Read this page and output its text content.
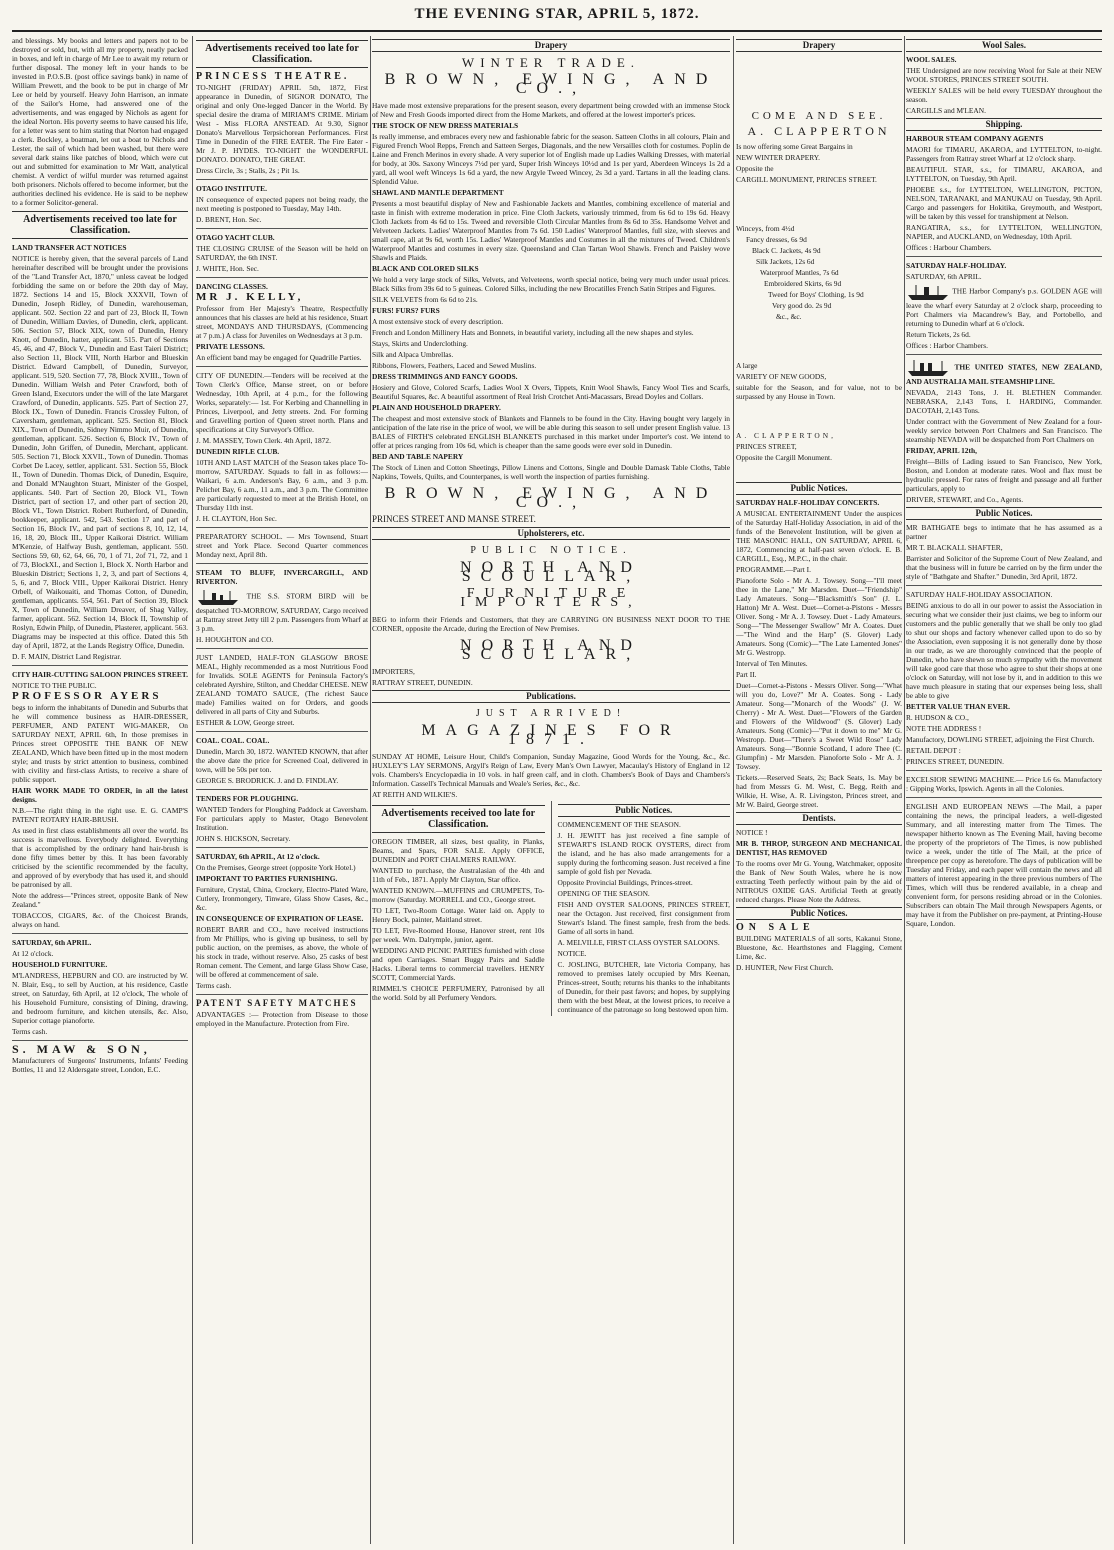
THE EVENING STAR, APRIL 5, 1872.

and blessings. My books and letters and papers not to be destroyed or sold, but, with all my property, neatly packed in boxes, and left in charge of Mr Lee to await my return or further disposal. The money left in your hands to be invested in P.O.S.B. (post office savings bank) in name of William Prewett, and the book to be put in charge of Mr Lee or held by yourself. Heavy John Harrison, an inmate of the Sailor's Home, had answered one of the advertisements, and was engaged by Nichols as agent for the ideal Norton. His poverty seems to have caused his life, for a letter was sent to him stating that Norton had engaged a clerk. Bockley, a boatman, let out a boat to Nichols and Lester, the sail of which had been washed, but there were several dark stains like patches of blood, which were cut out and submitted for examination to Mr Watt, analytical chemist. A verdict of wilful murder was returned against both prisoners. Nichols offered to become informer, but the authorities declined his evidence. He is said to be nephew to a former Solicitor-general.

Advertisements received too late for Classification.

LAND TRANSFER ACT NOTICES

NOTICE is hereby given, that the several parcels of Land hereinafter described will be brought under the provisions of the "Land Transfer Act, 1870," unless caveat be lodged forbidding the same on or before the 20th day of May, 1872. Sections 14 and 15, Block XXXVII, Town of Dunedin, Joseph Ridley, of Dunedin, warehouseman, applicant. 502. Section 22 and part of 23, Block II, Town of Dunedin, William Davies, of Dunedin, clerk, applicant. 506. Section 57, Block XIX, town of Dunedin, Henry Knott, of Dunedin, hatter, applicant. 515. Part of Sections 45, 46, and 47, Block V., Dunedin and East Taieri District; also Section 11, Block VIII, North Harbor and Blueskin District. Edward Campbell, of Dunedin, Surveyor, applicant. 519, 520. Section 77, 78, Block XVIII., Town of Dunedin. William Welsh and Peter Crawford, both of Green Island, Executors under the will of the late Margaret Crawford, of Dunedin, applicants. 525. Part of Section 27, Block IX., Town of Dunedin. Francis Crossley Fulton, of Caversham, gentleman, applicant. 525. Section 81, Block XIX., Town of Dunedin, Sidney Nimmo Muir, of Dunedin, gentleman, applicant. 526. Section 6, Block IV., Town of Dunedin, John Griffen, of Dunedin, Merchant, applicant. 505. Section 71, Block XXVII., Town of Dunedin. Thomas Corbet De Lacey, settler, applicant. 531. Section 55, Block II., Town of Dunedin. Thomas Dick, of Dunedin, Esquire, and Donald M'Naughton Stuart, Minister of the Gospel, applicants. 540. Part of Section 20, Block VI., Town District, part of section 17, and other part of section 20, Block VI., Town District. Robert Rutherford, of Dunedin, bookkeeper, applicant. 542, 543. Section 17 and part of Section 16, Block IV., and part of sections 8, 10, 12, 14, 16, 18, 20, Block III., Upper Kaikorai District. William M'Kenzie, of Halfway Bush, gentleman, applicant. 550. Sections 59, 60, 62, 64, 66, 70, 1 of 71, 2of 71, 72, and 1 of 73, BlockXI., and Section 1, Block X. North Harbor and Blueskin District; Sections 1, 2, 3, and part of Sections 4, 5, 6, and 7, Block VIII., Upper Kaikorai District. Henry Orbell, of Waikouaiti, and Thomas Cotton, of Dunedin, gentleman, applicants. 554, 561. Part of Section 39, Block X, Town of Dunedin, William Dreaver, of Shag Valley, farmer, applicant. 562. Section 14, Block II, Township of Roslyn, Edwin Philp, of Dunedin, Plasterer, applicant. 563. Diagrams may be inspected at this office. Dated this 5th day of April, 1872, at the Lands Registry Office, Dunedin.

D. F. MAIN, District Land Registrar.

CITY HAIR-CUTTING SALOON PRINCES STREET.

NOTICE TO THE PUBLIC.

PROFESSOR AYERS

begs to inform the inhabitants of Dunedin and Suburbs that he will commence business as HAIR-DRESSER, PERFUMER, AND PATENT WIG-MAKER, On SATURDAY NEXT, APRIL 6th, In those premises in Princes street OPPOSITE THE BANK OF NEW ZEALAND, Which have been fitted up in the most modern style; and trusts by strict attention to business, combined with civility and first-class Artists, to receive a share of public support.

HAIR WORK MADE TO ORDER, in all the latest designs.

N.B.—The right thing in the right use. E. G. CAMP'S PATENT ROTARY HAIR-BRUSH.

As used in first class establishments all over the world. Its success is marvellous. Everybody delighted. Everything that is accomplished by the ordinary hand hair-brush is done fifty times better by this. It has been favorably criticised by the scientific recommended by the faculty, and approved of by everybody that has used it, and should be patronised by all.

Note the address—"Princes street, opposite Bank of New Zealand."

TOBACCOS, CIGARS, &c. of the Choicest Brands, always on hand.

SATURDAY, 6th APRIL.

At 12 o'clock.

HOUSEHOLD FURNITURE.

M'LANDRESS, HEPBURN and CO. are instructed by W. N. Blair, Esq., to sell by Auction, at his residence, Castle street, on Saturday, 6th April, at 12 o'clock, The whole of his Household Furniture, consisting of Dining, drawing, and bedroom furniture, and kitchen utensils, &c. Also, Superior cottage pianoforte.

Terms cash.

S. MAW & SON,

Manufacturers of Surgeons' Instruments, Infants' Feeding Bottles, 11 and 12 Aldersgate street, London, E.C.

Advertisements received too late for Classification.

PRINCESS THEATRE.

TO-NIGHT (FRIDAY) APRIL 5th, 1872, First appearance in Dunedin, of SIGNOR DONATO, The original and only One-legged Dancer in the World. By special desire the drama of MIRIAM'S CRIME. Miriam West - Miss FLORA ANSTEAD. At 9.30, Signor Donato's Marvellous Terpsichorean Performances. First Time in Dunedin of the FIRE EATER. The Fire Eater - Mr J. P. HYDES. TO-NIGHT the WONDERFUL DONATO. DONATO, THE GREAT.

Dress Circle, 3s ; Stalls, 2s ; Pit 1s.

OTAGO INSTITUTE.

IN consequence of expected papers not being ready, the next meeting is postponed to Tuesday, May 14th.

D. BRENT, Hon. Sec.

OTAGO YACHT CLUB.

THE CLOSING CRUISE of the Season will be held on SATURDAY, the 6th INST.

J. WHITE, Hon. Sec.

DANCING CLASSES.

MR J. KELLY,

Professor from Her Majesty's Theatre, Respectfully announces that his classes are held at his residence, Stuart street, MONDAYS AND THURSDAYS, (Commencing at 7 p.m.) A class for Juveniles on Wednesdays at 3 p.m.

PRIVATE LESSONS.

An efficient band may be engaged for Quadrille Parties.

CITY OF DUNEDIN.—Tenders will be received at the Town Clerk's Office, Manse street, on or before Wednesday, 10th April, at 4 p.m., for the following Works, separately:— 1st. For Kerbing and Channelling in Princes, Liverpool, and Jetty streets. 2nd. For forming and Gravelling portion of Queen street north. Plans and specifications at City Surveyor's Office.

J. M. MASSEY, Town Clerk. 4th April, 1872.

DUNEDIN RIFLE CLUB.

10TH AND LAST MATCH of the Season takes place To-morrow, SATURDAY. Squads to fall in as follows:—Waikari, 6 a.m. Anderson's Bay, 6 a.m., and 3 p.m. Pelichet Bay, 6 a.m., 11 a.m., and 3 p.m. The Committee are particularly requested to meet at the British Hotel, on Thursday 11th inst.

J. H. CLAYTON, Hon Sec.

PREPARATORY SCHOOL. — Mrs Townsend, Stuart street and York Place. Second Quarter commences Monday next, April 8th.

STEAM TO BLUFF, INVERCARGILL, AND RIVERTON.

THE S.S. STORM BIRD will be despatched TO-MORROW, SATURDAY, Cargo received at Rattray street Jetty till 2 p.m. Passengers from Wharf at 3 p.m.

H. HOUGHTON and CO.

JUST LANDED, HALF-TON GLASGOW BROSE MEAL, Highly recommended as a most Nutritious Food for Invalids. SOLE AGENTS for Peninsula Factory's celebrated Ayrshire, Stilton, and Cheddar CHEESE. NEW ZEALAND TOMATO SAUCE, (The richest Sauce made) Families waited on for Orders, and goods delivered in all parts of City and Suburbs.

ESTHER & LOW, George street.

COAL. COAL. COAL.

Dunedin, March 30, 1872. WANTED KNOWN, that after the above date the price for Screened Coal, delivered in town, will be 50s per ton.

GEORGE S. BRODRICK. J. and D. FINDLAY.

TENDERS FOR PLOUGHING.

WANTED Tenders for Ploughing Paddock at Caversham. For particulars apply to Master, Otago Benevolent Institution.

JOHN S. HICKSON, Secretary.

SATURDAY, 6th APRIL, At 12 o'clock.

On the Premises, George street (opposite York Hotel.)

IMPORTANT TO PARTIES FURNISHING.

Furniture, Crystal, China, Crockery, Electro-Plated Ware, Cutlery, Ironmongery, Tinware, Glass Show Cases, &c., &c.

IN CONSEQUENCE OF EXPIRATION OF LEASE.

ROBERT BARR and CO., have received instructions from Mr Phillips, who is giving up business, to sell by public auction, on the premises, as above, the whole of his stock in trade, without reserve. Also, 25 casks of best Roman cement. The Cement, and large Glass Show Case, will be offered at commencement of sale.

Terms cash.

PATENT SAFETY MATCHES

ADVANTAGES :— Protection from Disease to those employed in the Manufacture. Protection from Fire.

Drapery
WINTER TRADE.
BROWN, EWING, AND CO.,

Have made most extensive preparations for the present season, every department being crowded with an immense Stock of New and Fresh Goods imported direct from the Home Markets, and offered at the lowest importer's prices.

THE STOCK OF NEW DRESS MATERIALS

Is really immense, and embraces every new and fashionable fabric for the season. Satteen Cloths in all colours, Plain and Figured French Wool Repps, French and Satteen Serges, Diagonals, and the new Versailles cloth for costumes. Poplin de Laine and French Merinos in every shade. A very superior lot of English made up Ladies Walking Dresses, with material for body, at 30s. Saxony Winceys 7½d per yard, Super Irish Winceys 10½d and 1s per yard, Aberdeen Winceys 1s 2d a yard, all wool weft Winceys 1s 6d a yard, the new Argyle Tweed Wincey, 2s 3d a yard. Tartans in all the leading clans. Splendid Value.

SHAWL AND MANTLE DEPARTMENT

Presents a most beautiful display of New and Fashionable Jackets and Mantles, combining excellence of material and taste in finish with extreme moderation in price. Fine Cloth Jackets, variously trimmed, from 6s 6d to 19s 6d. Heavy Cloth Jackets from 4s 6d to 15s. Tweed and reversible Cloth Circular Mantles from 8s 6d to 35s. Handsome Velvet and Velveteen Jackets. Ladies' Waterproof Mantles from 7s 6d. 150 Ladies' Waterproof Mantles, full size, with sleeves and small cape, all at 9s 6d, worth 15s. Ladies' Waterproof Mantles and Costumes in all the mixtures of Tweed. Children's Waterproof Mantles and costumes in every size. Queensland and Clan Tartan Wool Shawls. French and Paisley wove Shawls and Plaids.

BLACK AND COLORED SILKS

We hold a very large stock of Silks, Velvets, and Velveteens, worth special notice, being very much under usual prices. Black Silks from 39s 6d to 5 guineas. Colored Silks, including the new Brocatilles French Satin Stripes and Figures.

SILK VELVETS from 6s 6d to 21s.

FURS! FURS? FURS

A most extensive stock of every description.

French and London Millinery Hats and Bonnets, in beautiful variety, including all the new shapes and styles.

Stays, Skirts and Underclothing.

Silk and Alpaca Umbrellas.

Ribbons, Flowers, Feathers, Laced and Sewed Muslins.

DRESS TRIMMINGS AND FANCY GOODS.

Hosiery and Glove, Colored Scarfs, Ladies Wool X Overs, Tippets, Knitt Wool Shawls, Fancy Wool Ties and Scarfs, Beautiful Squares, &c. A beautiful assortment of Real Irish Crotchet Anti-Macassars, Bread Doyles and Collars.

PLAIN AND HOUSEHOLD DRAPERY.

The cheapest and most extensive stock of Blankets and Flannels to be found in the City. Having bought very largely in anticipation of the late rise in the price of wool, we will be able during this season to sell under present English value. 13 BALES of FIRTH'S celebrated ENGLISH BLANKETS purchased in this market under Importer's cost. We intend to offer at prices ranging from 10s 6d, which is cheaper than the same goods were ever sold in Dunedin.

BED AND TABLE NAPERY

The Stock of Linen and Cotton Sheetings, Pillow Linens and Cottons, Single and Double Damask Table Cloths, Table Napkins, Towels, Quilts, and Counterpanes, is well worth the inspection of parties furnishing.

BROWN, EWING, AND CO.,

PRINCES STREET AND MANSE STREET.

Upholsterers, etc.
PUBLIC NOTICE.
NORTH AND SCOULLAR,
FURNITURE IMPORTERS,

BEG to inform their Friends and Customers, that they are CARRYING ON BUSINESS NEXT DOOR TO THE CORNER, opposite the Arcade, during the Erection of New Premises.

NORTH AND SCOULLAR,

IMPORTERS,

RATTRAY STREET, DUNEDIN.

Publications.
JUST ARRIVED!
MAGAZINES FOR 1871.

SUNDAY AT HOME, Leisure Hour, Child's Companion, Sunday Magazine, Good Words for the Young, &c., &c. HUXLEY'S LAY SERMONS, Argyll's Reign of Law, Every Man's Own Lawyer, Macaulay's History of England in 12 vols. Chambers's Encyclopædia in 10 vols. in half green calf, and in cloth. Chambers's Book of Days and Chambers's Information. Cassell's Technical Manuals and Weale's Series, &c., &c.

AT REITH AND WILKIE'S.

Advertisements received too late for Classification.

OREGON TIMBER, all sizes, best quality, in Planks, Beams, and Spars, FOR SALE. Apply OFFICE, DUNEDIN and PORT CHALMERS RAILWAY.

WANTED to purchase, the Australasian of the 4th and 11th of Feb., 1871. Apply Mr Clayton, Star office.

WANTED KNOWN.—MUFFINS and CRUMPETS, To-morrow (Saturday. MORRELL and CO., George street.

TO LET, Two-Room Cottage. Water laid on. Apply to Henry Bock, painter, Maitland street.

TO LET, Five-Roomed House, Hanover street, rent 10s per week. Wm. Dalrymple, junior, agent.

WEDDING AND PICNIC PARTIES furnished with close and open Carriages. Smart Buggy Pairs and Saddle Hacks. Liberal terms to commercial travellers. HENRY SCOTT, Commercial Yards.

RIMMEL'S CHOICE PERFUMERY, Patronised by all the world. Sold by all Perfumery Vendors.

Public Notices.

COMMENCEMENT OF THE SEASON.

J. H. JEWITT has just received a fine sample of STEWART'S ISLAND ROCK OYSTERS, direct from the island, and he has also made arrangements for a supply during the forthcoming season. Just received a fine sample of gold fish per Nevada.

Opposite Provincial Buildings, Princes-street.

OPENING OF THE SEASON.

FISH AND OYSTER SALOONS, PRINCES STREET, near the Octagon. Just received, first consignment from Stewart's Island. The finest sample, fresh from the beds. Game of all sorts in hand.

A. MELVILLE, FIRST CLASS OYSTER SALOONS.

NOTICE.

C. JOSLING, BUTCHER, late Victoria Company, has removed to premises lately occupied by Mrs Keenan, Princes-street, South; returns his thanks to the inhabitants of Dunedin, for their past favors; and hopes, by supplying them with the best Meat, at the lowest prices, to receive a continuance of the patronage so long bestowed upon him.

Drapery
COME AND SEE.
A. CLAPPERTON

Is now offering some Great Bargains in

NEW WINTER DRAPERY.

Opposite the

CARGILL MONUMENT, PRINCES STREET.

Winceys, from 4½d

Fancy dresses, 6s 9d

Black C. Jackets, 4s 9d

Silk Jackets, 12s 6d

Waterproof Mantles, 7s 6d

Embroidered Skirts, 6s 9d

Tweed for Boys' Clothing, 1s 9d

Very good do. 2s 9d

&c., &c.

A large

VARIETY OF NEW GOODS,

suitable for the Season, and for value, not to be surpassed by any House in Town.

A. CLAPPERTON,

PRINCES STREET,

Opposite the Cargill Monument.

Public Notices.

SATURDAY HALF-HOLIDAY CONCERTS.

A MUSICAL ENTERTAINMENT Under the auspices of the Saturday Half-Holiday Association, in aid of the funds of the Benevolent Institution, will be given at THE MASONIC HALL, ON SATURDAY, APRIL 6, 1872, Commencing at half-past seven o'clock. E. B. CARGILL, Esq., M.P.C., in the chair.

PROGRAMME.—Part I.

Pianoforte Solo - Mr A. J. Towsey. Song—"I'll meet thee in the Lane," Mr Marsden. Duet—"Friendship" Lady Amateurs. Song—"Blacksmith's Son" (J. L. Hatton) Mr A. West. Duet—Cornet-a-Pistons - Messrs Oliver. Song - Mr A. J. Towsey. Duet - Lady Amateurs. Song—"The Messenger Swallow" Mr A. Coates. Duet—"The Wind and the Harp" (S. Glover) Lady Amateurs. Song (Comic)—"The Late Lamented Jones" Mr G. Westropp.

Interval of Ten Minutes.

Part II.

Duet—Cornet-a-Pistons - Messrs Oliver. Song—"What will you do, Love?" Mr A. Coates. Song - Lady Amateur. Song—"Monarch of the Woods" (J. W. Cherry) - Mr A. West. Duet—"Flowers of the Garden and Flowers of the Wildwood" (S. Glover) Lady Amateurs. Song (Comic)—"Put it down to me" Mr G. Westropp. Duet—"There's a Sweet Wild Rose" Lady Amateurs. Song—"Bonnie Scotland, I adore Thee (C. Glumpfin) - Mr Marsden. Pianoforte Solo - Mr A. J. Towsey.

Tickets.—Reserved Seats, 2s; Back Seats, 1s. May be had from Messrs G. M. West, C. Begg, Reith and Wilkie, H. Wise, A. R. Livingston, Princes street, and Mr W. Baird, George street.

Dentists.

NOTICE !

MR B. THROP, SURGEON AND MECHANICAL DENTIST, HAS REMOVED

To the rooms over Mr G. Young, Watchmaker, opposite the Bank of New South Wales, where he is now extracting Teeth perfectly without pain by the aid of NITROUS OXIDE GAS. Artificial Teeth at greatly reduced charges. Please Note the Address.

Public Notices.

ON SALE

BUILDING MATERIALS of all sorts, Kakanui Stone, Bluestone, &c. Hearthstones and Flagging, Cement Lime, &c.

D. HUNTER, New First Church.

Wool Sales.

WOOL SALES.

THE Undersigned are now receiving Wool for Sale at their NEW WOOL STORES, PRINCES STREET SOUTH.

WEEKLY SALES will be held every TUESDAY throughout the season.

CARGILLS and M'LEAN.

Shipping.

HARBOUR STEAM COMPANY AGENTS

MAORI for TIMARU, AKAROA, and LYTTELTON, to-night. Passengers from Rattray street Wharf at 12 o'clock sharp.

BEAUTIFUL STAR, s.s., for TIMARU, AKAROA, and LYTTELTON, on Tuesday, 9th April.

PHOEBE s.s., for LYTTELTON, WELLINGTON, PICTON, NELSON, TARANAKI, and MANUKAU on Tuesday, 9th April. Cargo and passengers for Hokitika, Greymouth, and Westport, will be taken by this vessel for transhipment at Nelson.

RANGATIRA, s.s., for LYTTELTON, WELLINGTON, NAPIER, and AUCKLAND, on Wednesday, 10th April.

Offices : Harbour Chambers.

SATURDAY HALF-HOLIDAY.

SATURDAY, 6th APRIL.

THE Harbor Company's p.s. GOLDEN AGE will leave the wharf every Saturday at 2 o'clock sharp, proceeding to Port Chalmers via Macandrew's Bay, and Portobello, and returning to Dunedin wharf at 6 o'clock.

Return Tickets, 2s 6d.

Offices : Harbor Chambers.

THE UNITED STATES, NEW ZEALAND, AND AUSTRALIA MAIL STEAMSHIP LINE.

NEVADA, 2143 Tons, J. H. BLETHEN Commander. NEBRASKA, 2,143 Tons, I. HARDING, Commander. DACOTAH, 2,143 Tons.

Under contract with the Government of New Zealand for a four-weekly service between Port Chalmers and San Francisco. The steamship NEVADA will be despatched from Port Chalmers on

FRIDAY, APRIL 12th,

Freight—Bills of Lading issued to San Francisco, New York, Boston, and London at moderate rates. Wool and flax must be hydraulic pressed. For rates of freight and passage and all further particulars, apply to

DRIVER, STEWART, and Co., Agents.

Public Notices.

MR BATHGATE begs to intimate that he has assumed as a partner

MR T. BLACKALL SHAFTER,

Barrister and Solicitor of the Supreme Court of New Zealand, and that the business will in future be carried on by the firm under the style of "Bathgate and Shafter." Dunedin, 3rd April, 1872.

SATURDAY HALF-HOLIDAY ASSOCIATION.

BEING anxious to do all in our power to assist the Association in securing what we consider their just claims, we beg to inform our customers and the public generally that we shall be only too glad to shut our shops and factory whenever called upon to do so by the Association, even supposing it is not generally done by those in our trade, as we are thoroughly convinced that the people of Dunedin, who have shewn so much sympathy with the movement will take good care that those who agree to shut their shops at one o'clock on Saturday, will not lose by it, and in addition to this we have much pleasure in stating that our expenses being less, shall be able to give

BETTER VALUE THAN EVER.

R. HUDSON & CO.,

NOTE THE ADDRESS !

Manufactory, DOWLING STREET, adjoining the First Church.

RETAIL DEPOT :

PRINCES STREET, DUNEDIN.

EXCELSIOR SEWING MACHINE.— Price L6 6s. Manufactory : Gipping Works, Ipswich. Agents in all the Colonies.

ENGLISH AND EUROPEAN NEWS —The Mail, a paper containing the news, the principal leaders, a well-digested Summary, and all interesting matter from The Times. The newspaper hitherto known as The Evening Mail, having become the property of the proprietors of The Times, is now published twice a week, under the title of The Mail, at the price of threepence per copy as heretofore. The days of publication will be Tuesday and Friday, and each paper will contain the news and all matters of interest appearing in the three previous numbers of The Times, which will thus be rendered available, in a cheap and convenient form, for persons residing abroad or in the Colonies. Subscribers can obtain The Mail through Newspapers Agents, or may have it from the Publisher on pre-payment, at Printing-House Square, London.
